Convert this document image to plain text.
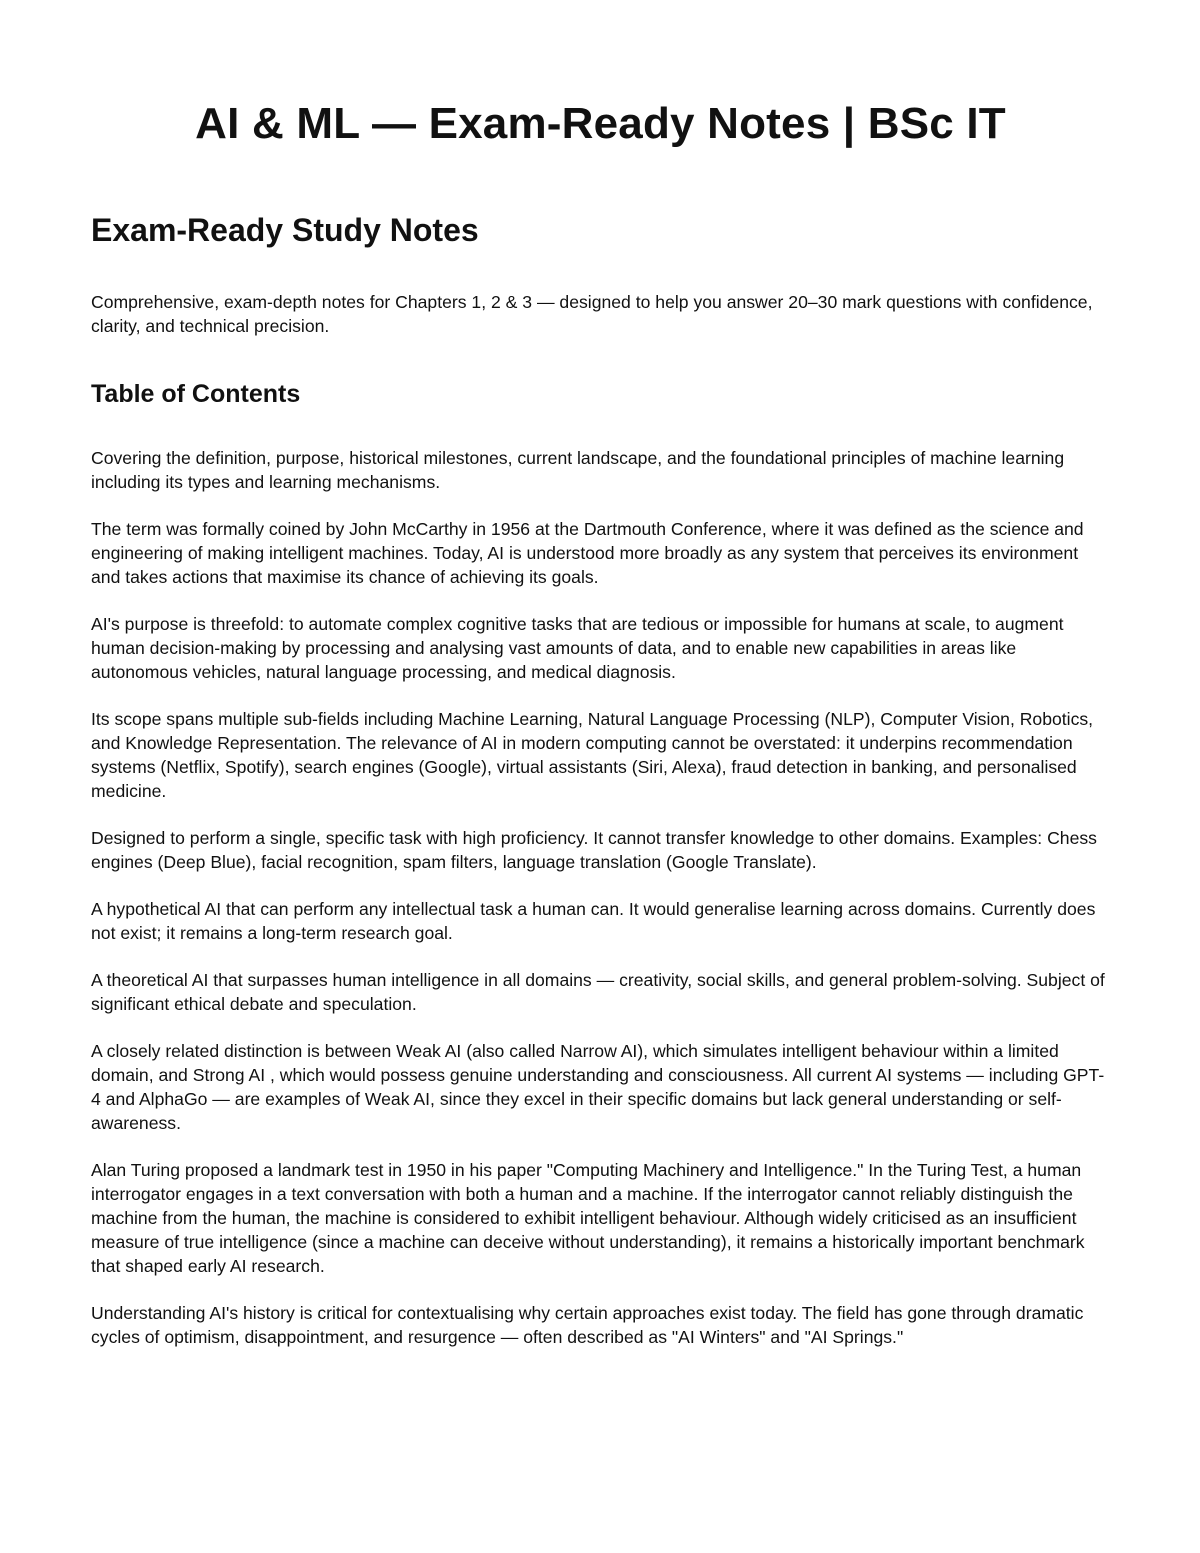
AI & ML — Exam-Ready Notes | BSc IT
Exam-Ready Study Notes

Comprehensive, exam-depth notes for Chapters 1, 2 & 3 — designed to help you answer 20–30 mark questions with confidence, clarity, and technical precision.

Table of Contents

Covering the definition, purpose, historical milestones, current landscape, and the foundational principles of machine learning including its types and learning mechanisms.

The term was formally coined by John McCarthy in 1956 at the Dartmouth Conference, where it was defined as the science and engineering of making intelligent machines. Today, AI is understood more broadly as any system that perceives its environment and takes actions that maximise its chance of achieving its goals.

AI's purpose is threefold: to automate complex cognitive tasks that are tedious or impossible for humans at scale, to augment human decision-making by processing and analysing vast amounts of data, and to enable new capabilities in areas like autonomous vehicles, natural language processing, and medical diagnosis.

Its scope spans multiple sub-fields including Machine Learning, Natural Language Processing (NLP), Computer Vision, Robotics, and Knowledge Representation. The relevance of AI in modern computing cannot be overstated: it underpins recommendation systems (Netflix, Spotify), search engines (Google), virtual assistants (Siri, Alexa), fraud detection in banking, and personalised medicine.

Designed to perform a single, specific task with high proficiency. It cannot transfer knowledge to other domains. Examples: Chess engines (Deep Blue), facial recognition, spam filters, language translation (Google Translate).

A hypothetical AI that can perform any intellectual task a human can. It would generalise learning across domains. Currently does not exist; it remains a long-term research goal.

A theoretical AI that surpasses human intelligence in all domains — creativity, social skills, and general problem-solving. Subject of significant ethical debate and speculation.

A closely related distinction is between Weak AI (also called Narrow AI), which simulates intelligent behaviour within a limited domain, and Strong AI , which would possess genuine understanding and consciousness. All current AI systems — including GPT-4 and AlphaGo — are examples of Weak AI, since they excel in their specific domains but lack general understanding or self-awareness.

Alan Turing proposed a landmark test in 1950 in his paper "Computing Machinery and Intelligence." In the Turing Test, a human interrogator engages in a text conversation with both a human and a machine. If the interrogator cannot reliably distinguish the machine from the human, the machine is considered to exhibit intelligent behaviour. Although widely criticised as an insufficient measure of true intelligence (since a machine can deceive without understanding), it remains a historically important benchmark that shaped early AI research.

Understanding AI's history is critical for contextualising why certain approaches exist today. The field has gone through dramatic cycles of optimism, disappointment, and resurgence — often described as "AI Winters" and "AI Springs."
